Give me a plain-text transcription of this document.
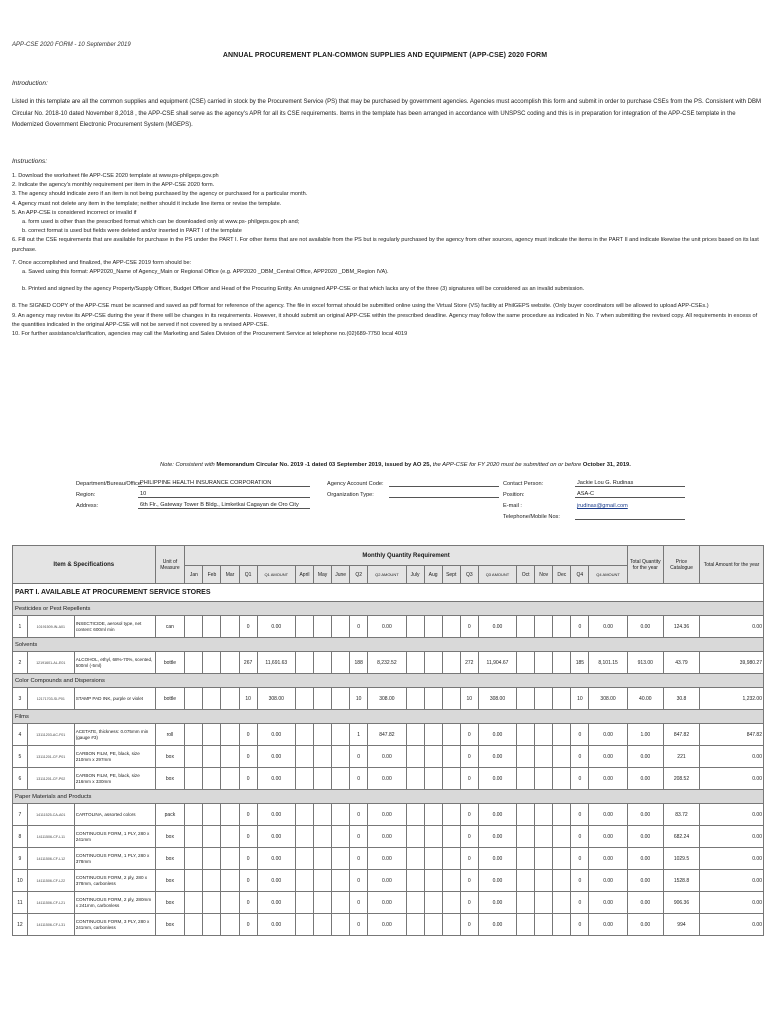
APP-CSE 2020 FORM - 10 September 2019
ANNUAL PROCUREMENT PLAN-COMMON SUPPLIES AND EQUIPMENT (APP-CSE) 2020 FORM
Introduction:
Listed in this template are all the common supplies and equipment (CSE) carried in stock by the Procurement Service (PS) that may be purchased by government agencies. Agencies must accomplish this form and submit in order to purchase CSEs from the PS. Consistent with DBM Circular No. 2018-10 dated November 8,2018 , the APP-CSE shall serve as the agency's APR for all its CSE requirements. Items in the template has been arranged in accordance with UNSPSC coding and this is in preparation for integration of the APP-CSE template in the Modernized Government Electronic Procurement System (MGEPS).
Instructions:

1. Download the worksheet file APP-CSE 2020 template at www.ps-philgeps.gov.ph

2. Indicate the agency's monthly requirement per item in the APP-CSE 2020 form.

3. The agency should indicate zero if an item is not being purchased by the agency or purchased for a particular month.

4. Agency must not delete any item in the template; neither should it include line items or revise the template.

5. An APP-CSE is considered incorrect or invalid if

a. form used is other than the prescribed format which can be downloaded only at www.ps- philgeps.gov.ph and;

b. correct format is used but fields were deleted and/or inserted in PART I of the template

6. Fill out the CSE requirements that are available for purchase in the PS under the PART I. For other items that are not available from the PS but is regularly purchased by the agency from other sources, agency must indicate the items in the PART II and indicate likewise the unit prices based on its last purchase.

7. Once accomplished and finalized, the APP-CSE 2019 form should be:

a. Saved using this format: APP2020_Name of Agency_Main or Regional Office (e.g. APP2020 _DBM_Central Office, APP2020 _DBM_Region IVA).

b. Printed and signed by the agency Property/Supply Officer, Budget Officer and Head of the Procuring Entity. An unsigned APP-CSE or that which lacks any of the three (3) signatures will be considered as an invalid submission.

8. The SIGNED COPY of the APP-CSE must be scanned and saved as pdf format for reference of the agency. The file in excel format should be submitted online using the Virtual Store (VS) facility at PhilGEPS website. (Only buyer coordinators will be allowed to upload APP-CSEs.)

9. An agency may revise its APP-CSE during the year if there will be changes in its requirements. However, it should submit an original APP-CSE within the prescribed deadline. Agency may follow the same procedure as indicated in No. 7 when submitting the revised copy. All requirements in excess of the quantities indicated in the original APP-CSE will not be served if not covered by a revised APP-CSE.

10. For further assistance/clarification, agencies may call the Marketing and Sales Division of the Procurement Service at telephone no.(02)689-7750 local 4019

Note: Consistent with Memorandum Circular No. 2019 -1 dated 03 September 2019, issued by AO 25, the APP-CSE for FY 2020 must be submitted on or before October 31, 2019.
Department/Bureau/Office:
PHILIPPINE HEALTH INSURANCE CORPORATION
Region:	10
Address:	6th Flr., Gateway Tower B Bldg., Limketkai Cagayan de Oro City
Agency Account Code:
Organization Type:
Contact Person:	Jackie Lou G. Rudinas
Position:	ASA-C
E-mail :	jrudinas@gmail.com
Telephone/Mobile Nos:
Item & Specifications			Unit of Measure	Monthly Quantity Requirement																				Total Quantity for the year	Price Catalogue	Total Amount for the year
				Jan	Feb	Mar	Q1	Q1 AMOUNT	April	May	June	Q2	Q2 AMOUNT	July	Aug	Sept	Q3	Q3 AMOUNT	Oct	Nov	Dec	Q4	Q4 AMOUNT			
PART I. AVAILABLE AT PROCUREMENT SERVICE STORES																										
Pesticides or Pest Repellents																										
1	10191509-IN-A01	INSECTICIDE, aerosol type, net content: 600ml min	can				0	0.00				0	0.00				0	0.00				0	0.00	0.00	124.36	0.00
Solvents																										
2	12191601-AL-E01	ALCOHOL, ethyl, 68%-70%, scented, 500ml (-5ml)	bottle				267	11,691.63				188	8,232.52				272	11,904.67				185	8,101.15	913.00	43.79	39,980.27
Color Compounds and Dispersions																										
3	12171703-SI-P01	STAMP PAD INK, purple or violet	bottle				10	308.00				10	308.00				10	308.00				10	308.00	40.00	30.8	1,232.00
Films																										
4	13111203-AC-F01	ACETATE, thickness: 0.075mm min (gauge #3)	roll				0	0.00				1	847.82				0	0.00				0	0.00	1.00	847.82	847.82
5	13111201-CF-P01	CARBON FILM, PE, black, size 210mm x 297mm	box				0	0.00				0	0.00				0	0.00				0	0.00	0.00	221	0.00
6	13111201-CF-P02	CARBON FILM, PE, black, size 216mm x 330mm	box				0	0.00				0	0.00				0	0.00				0	0.00	0.00	208.52	0.00
Paper Materials and Products																										
7	14111525-CA-A01	CARTOLINA, assorted colors	pack				0	0.00				0	0.00				0	0.00				0	0.00	0.00	83.72	0.00
8	14111506-CF-L11	CONTINUOUS FORM, 1 PLY, 280 x 241mm	box				0	0.00				0	0.00				0	0.00				0	0.00	0.00	682.24	0.00
9	14111506-CF-L12	CONTINUOUS FORM, 1 PLY, 280 x 378mm	box				0	0.00				0	0.00				0	0.00				0	0.00	0.00	1029.5	0.00
10	14111506-CF-L22	CONTINUOUS FORM, 2 ply, 280 x 378mm, carbonless	box				0	0.00				0	0.00				0	0.00				0	0.00	0.00	1528.8	0.00
11	14111506-CF-L21	CONTINUOUS FORM, 2 ply, 280mm x 241mm, carbonless	box				0	0.00				0	0.00				0	0.00				0	0.00	0.00	906.36	0.00
12	14111506-CF-L31	CONTINUOUS FORM, 3 PLY, 280 x 241mm, carbonless	box				0	0.00				0	0.00				0	0.00				0	0.00	0.00	994	0.00
